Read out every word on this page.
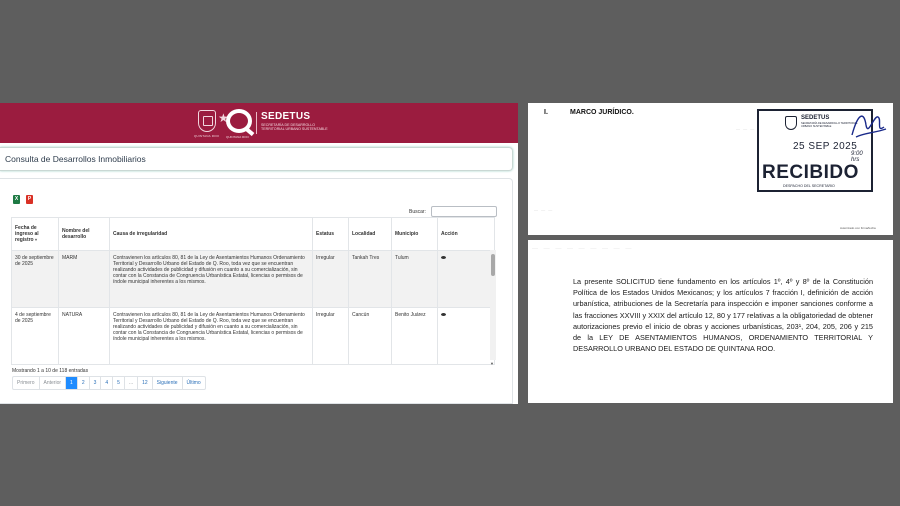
QUINTANA ROO
★
QUINTANA ROO
SEDETUS
SECRETARÍA DE DESARROLLO TERRITORIAL URBANO SUSTENTABLE
Consulta de Desarrollos Inmobiliarios
X	P
Buscar:
Fecha de ingreso al registro ▾	Nombre del desarrollo	Causa de irregularidad	Estatus	Localidad	Municipio	Acción
30 de septiembre de 2025	MARM	Contravienen los artículos 80, 81 de la Ley de Asentamientos Humanos Ordenamiento Territorial y Desarrollo Urbano del Estado de Q. Roo, toda vez que se encuentran realizando actividades de publicidad y difusión en cuanto a su comercialización, sin contar con la Constancia de Congruencia Urbanística Estatal, licencias o permisos de índole municipal inherentes a los mismos.	Irregular	Tankah Tres	Tulum	
4 de septiembre de 2025	NATURA	Contravienen los artículos 80, 81 de la Ley de Asentamientos Humanos Ordenamiento Territorial y Desarrollo Urbano del Estado de Q. Roo, toda vez que se encuentran realizando actividades de publicidad y difusión en cuanto a su comercialización, sin contar con la Constancia de Congruencia Urbanística Estatal, licencias o permisos de índole municipal inherentes a los mismos.	Irregular	Cancún	Benito Juárez	
▼
Mostrando 1 a 10 de 118 entradas
Primero	Anterior	1	2	3	4	5	...	12	Siguiente	Último
I.	MARCO JURÍDICO.
— — —
— — —
SEDETUS
SECRETARÍA DE DESARROLLO TERRITORIAL URBANO SUSTENTABLE
25 SEP 2025
9:00 hrs
RECIBIDO
DESPACHO DEL SECRETARIO
Autorizado con firma/fecha
— — — — — — — — —
La presente SOLICITUD tiene fundamento en los artículos 1º, 4º y 8º de la Constitución Política de los Estados Unidos Mexicanos; y los artículos 7 fracción I, definición de acción urbanística, atribuciones de la Secretaría para inspección e imponer sanciones conforme a las fracciones XXVIII y XXIX del artículo 12, 80 y 177 relativas a la obligatoriedad de obtener autorizaciones previo el inicio de obras y acciones urbanísticas, 203¹, 204, 205, 206 y 215 de la LEY DE ASENTAMIENTOS HUMANOS, ORDENAMIENTO TERRITORIAL Y DESARROLLO URBANO DEL ESTADO DE QUINTANA ROO.
